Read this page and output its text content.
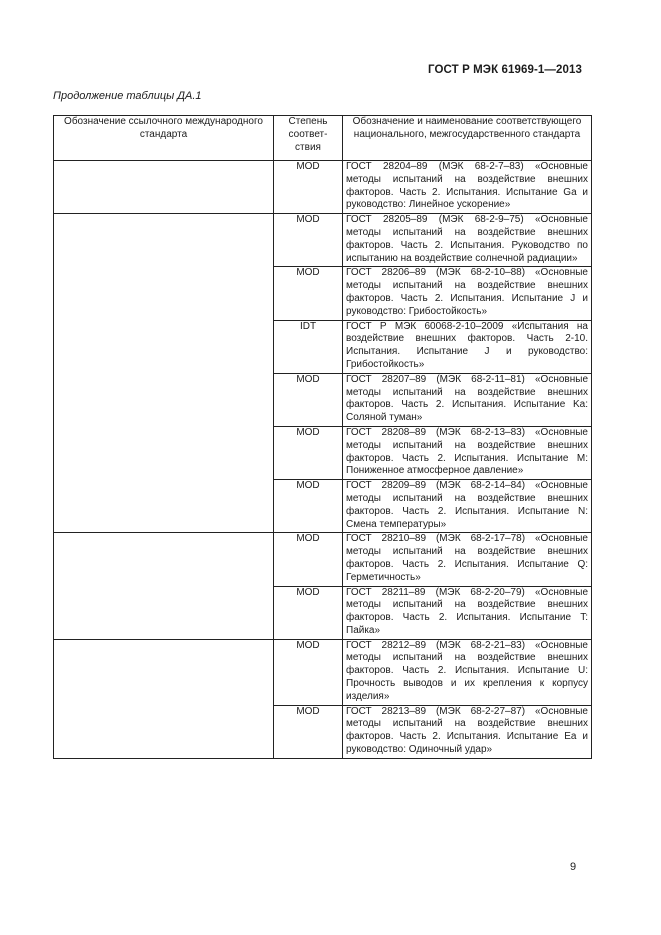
ГОСТ Р МЭК 61969-1—2013
Продолжение таблицы ДА.1
Обозначение ссылочного международного стандарта	Степень соответ-ствия	Обозначение и наименование соответствующего национального, межгосударственного стандарта
	MOD	ГОСТ 28204–89 (МЭК 68-2-7–83) «Основные методы испытаний на воздействие внешних факторов. Часть 2. Испытания. Испытание Ga и руководство: Линейное ускорение»
	MOD	ГОСТ 28205–89 (МЭК 68-2-9–75) «Основные методы испытаний на воздействие внешних факторов. Часть 2. Испытания. Руководство по испытанию на воздействие солнечной радиации»
	MOD	ГОСТ 28206–89 (МЭК 68-2-10–88) «Основные методы испытаний на воздействие внешних факторов. Часть 2. Испытания. Испытание J и руководство: Грибостойкость»
	IDT	ГОСТ Р МЭК 60068-2-10–2009 «Испытания на воздействие внешних факторов. Часть 2-10. Испытания. Испытание J и руководство: Грибостойкость»
	MOD	ГОСТ 28207–89 (МЭК 68-2-11–81) «Основные методы испытаний на воздействие внешних факторов. Часть 2. Испытания. Испытание Ka: Соляной туман»
	MOD	ГОСТ 28208–89 (МЭК 68-2-13–83) «Основные методы испытаний на воздействие внешних факторов. Часть 2. Испытания. Испытание M: Пониженное атмосферное давление»
	MOD	ГОСТ 28209–89 (МЭК 68-2-14–84) «Основные методы испытаний на воздействие внешних факторов. Часть 2. Испытания. Испытание N: Смена температуры»
	MOD	ГОСТ 28210–89 (МЭК 68-2-17–78) «Основные методы испытаний на воздействие внешних факторов. Часть 2. Испытания. Испытание Q: Герметичность»
	MOD	ГОСТ 28211–89 (МЭК 68-2-20–79) «Основные методы испытаний на воздействие внешних факторов. Часть 2. Испытания. Испытание T: Пайка»
	MOD	ГОСТ 28212–89 (МЭК 68-2-21–83) «Основные методы испытаний на воздействие внешних факторов. Часть 2. Испытания. Испытание U: Прочность выводов и их крепления к корпусу изделия»
	MOD	ГОСТ 28213–89 (МЭК 68-2-27–87) «Основные методы испытаний на воздействие внешних факторов. Часть 2. Испытания. Испытание Ea и руководство: Одиночный удар»
9
